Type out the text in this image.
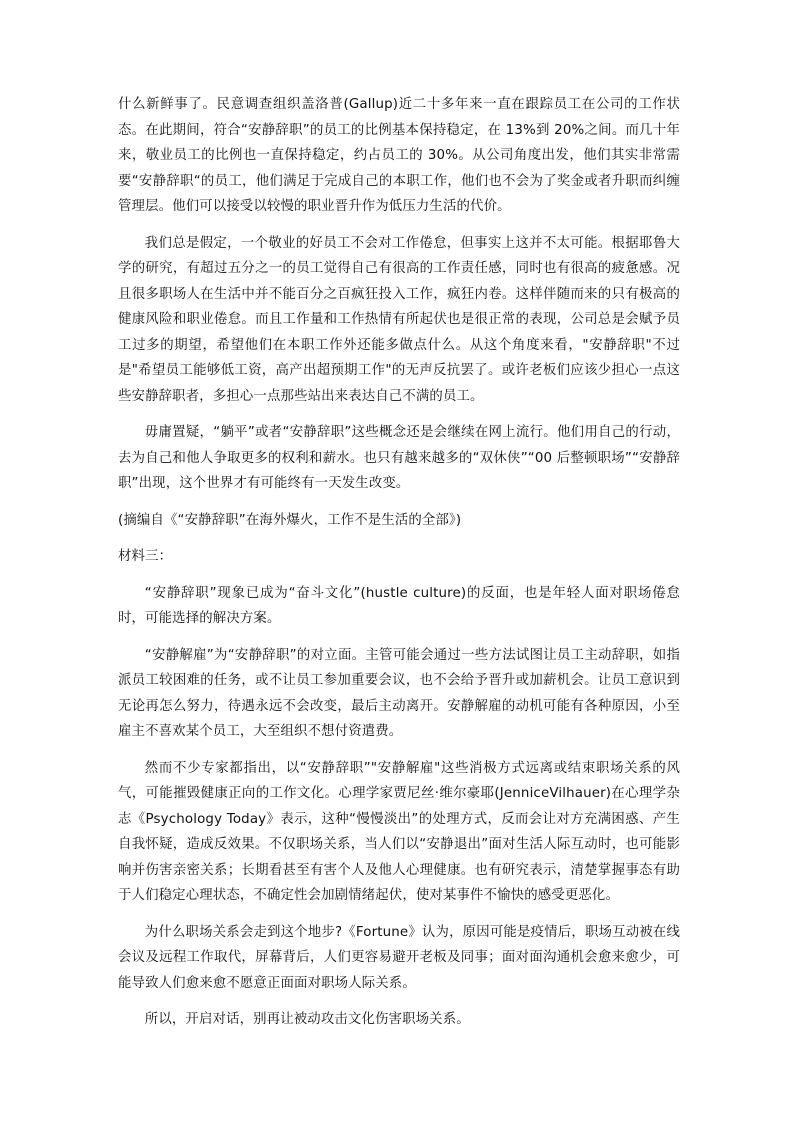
什么新鲜事了。民意调查组织盖洛普(Gallup)近二十多年来一直在跟踪员工在公司的工作状态。在此期间，符合“安静辞职”的员工的比例基本保持稳定，在 13%到 20%之间。而几十年来，敬业员工的比例也一直保持稳定，约占员工的 30%。从公司角度出发，他们其实非常需要“安静辞职“的员工，他们满足于完成自己的本职工作，他们也不会为了奖金或者升职而纠缠管理层。他们可以接受以较慢的职业晋升作为低压力生活的代价。

我们总是假定，一个敬业的好员工不会对工作倦怠，但事实上这并不太可能。根据耶鲁大学的研究，有超过五分之一的员工觉得自己有很高的工作责任感，同时也有很高的疲惫感。况且很多职场人在生活中并不能百分之百疯狂投入工作，疯狂内卷。这样伴随而来的只有极高的健康风险和职业倦怠。而且工作量和工作热情有所起伏也是很正常的表现，公司总是会赋予员工过多的期望，希望他们在本职工作外还能多做点什么。从这个角度来看，"安静辞职"不过是"希望员工能够低工资，高产出超预期工作"的无声反抗罢了。或许老板们应该少担心一点这些安静辞职者，多担心一点那些站出来表达自己不满的员工。

毋庸置疑，“躺平”或者“安静辞职”这些概念还是会继续在网上流行。他们用自己的行动，去为自己和他人争取更多的权利和薪水。也只有越来越多的“双休侠”“00 后整顿职场”“安静辞职”出现，这个世界才有可能终有一天发生改变。

(摘编自《“安静辞职”在海外爆火，工作不是生活的全部》)

材料三：

“安静辞职”现象已成为“奋斗文化”(hustle culture)的反面，也是年轻人面对职场倦怠时，可能选择的解决方案。

“安静解雇”为“安静辞职”的对立面。主管可能会通过一些方法试图让员工主动辞职，如指派员工较困难的任务，或不让员工参加重要会议，也不会给予晋升或加薪机会。让员工意识到无论再怎么努力，待遇永远不会改变，最后主动离开。安静解雇的动机可能有各种原因，小至雇主不喜欢某个员工，大至组织不想付资遣费。

然而不少专家都指出，以“安静辞职”"安静解雇"这些消极方式远离或结束职场关系的风气，可能摧毁健康正向的工作文化。心理学家贾尼丝·维尔豪耶(JenniceVilhauer)在心理学杂志《Psychology Today》表示，这种“慢慢淡出”的处理方式，反而会让对方充满困惑、产生自我怀疑，造成反效果。不仅职场关系，当人们以“安静退出”面对生活人际互动时，也可能影响并伤害亲密关系；长期看甚至有害个人及他人心理健康。也有研究表示，清楚掌握事态有助于人们稳定心理状态，不确定性会加剧情绪起伏，使对某事件不愉快的感受更恶化。

为什么职场关系会走到这个地步?《Fortune》认为，原因可能是疫情后，职场互动被在线会议及远程工作取代，屏幕背后，人们更容易避开老板及同事；面对面沟通机会愈来愈少，可能导致人们愈来愈不愿意正面面对职场人际关系。

所以，开启对话，别再让被动攻击文化伤害职场关系。
